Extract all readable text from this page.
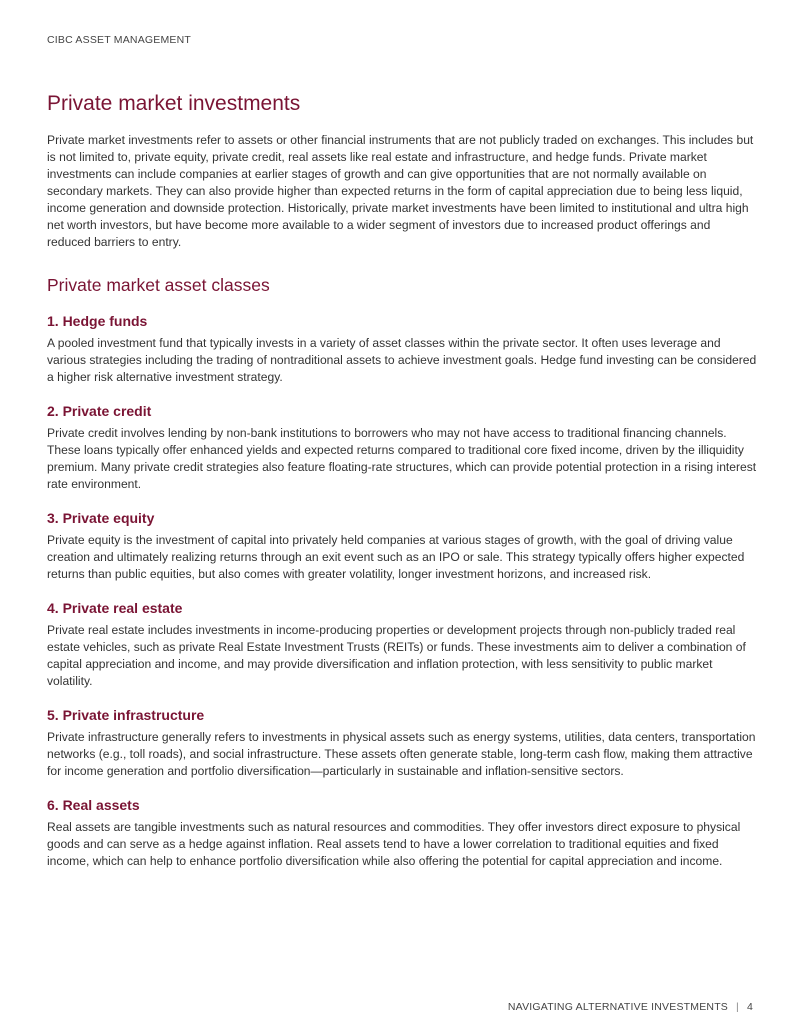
CIBC ASSET MANAGEMENT
Private market investments

Private market investments refer to assets or other financial instruments that are not publicly traded on exchanges. This includes but is not limited to, private equity, private credit, real assets like real estate and infrastructure, and hedge funds. Private market investments can include companies at earlier stages of growth and can give opportunities that are not normally available on secondary markets. They can also provide higher than expected returns in the form of capital appreciation due to being less liquid, income generation and downside protection. Historically, private market investments have been limited to institutional and ultra high net worth investors, but have become more available to a wider segment of investors due to increased product offerings and reduced barriers to entry.

Private market asset classes
1. Hedge funds

A pooled investment fund that typically invests in a variety of asset classes within the private sector. It often uses leverage and various strategies including the trading of nontraditional assets to achieve investment goals. Hedge fund investing can be considered a higher risk alternative investment strategy.

2. Private credit

Private credit involves lending by non-bank institutions to borrowers who may not have access to traditional financing channels. These loans typically offer enhanced yields and expected returns compared to traditional core fixed income, driven by the illiquidity premium. Many private credit strategies also feature floating-rate structures, which can provide potential protection in a rising interest rate environment.

3. Private equity

Private equity is the investment of capital into privately held companies at various stages of growth, with the goal of driving value creation and ultimately realizing returns through an exit event such as an IPO or sale. This strategy typically offers higher expected returns than public equities, but also comes with greater volatility, longer investment horizons, and increased risk.

4. Private real estate

Private real estate includes investments in income-producing properties or development projects through non-publicly traded real estate vehicles, such as private Real Estate Investment Trusts (REITs) or funds. These investments aim to deliver a combination of capital appreciation and income, and may provide diversification and inflation protection, with less sensitivity to public market volatility.

5. Private infrastructure

Private infrastructure generally refers to investments in physical assets such as energy systems, utilities, data centers, transportation networks (e.g., toll roads), and social infrastructure. These assets often generate stable, long-term cash flow, making them attractive for income generation and portfolio diversification—particularly in sustainable and inflation-sensitive sectors.

6. Real assets

Real assets are tangible investments such as natural resources and commodities. They offer investors direct exposure to physical goods and can serve as a hedge against inflation. Real assets tend to have a lower correlation to traditional equities and fixed income, which can help to enhance portfolio diversification while also offering the potential for capital appreciation and income.

NAVIGATING ALTERNATIVE INVESTMENTS | 4
